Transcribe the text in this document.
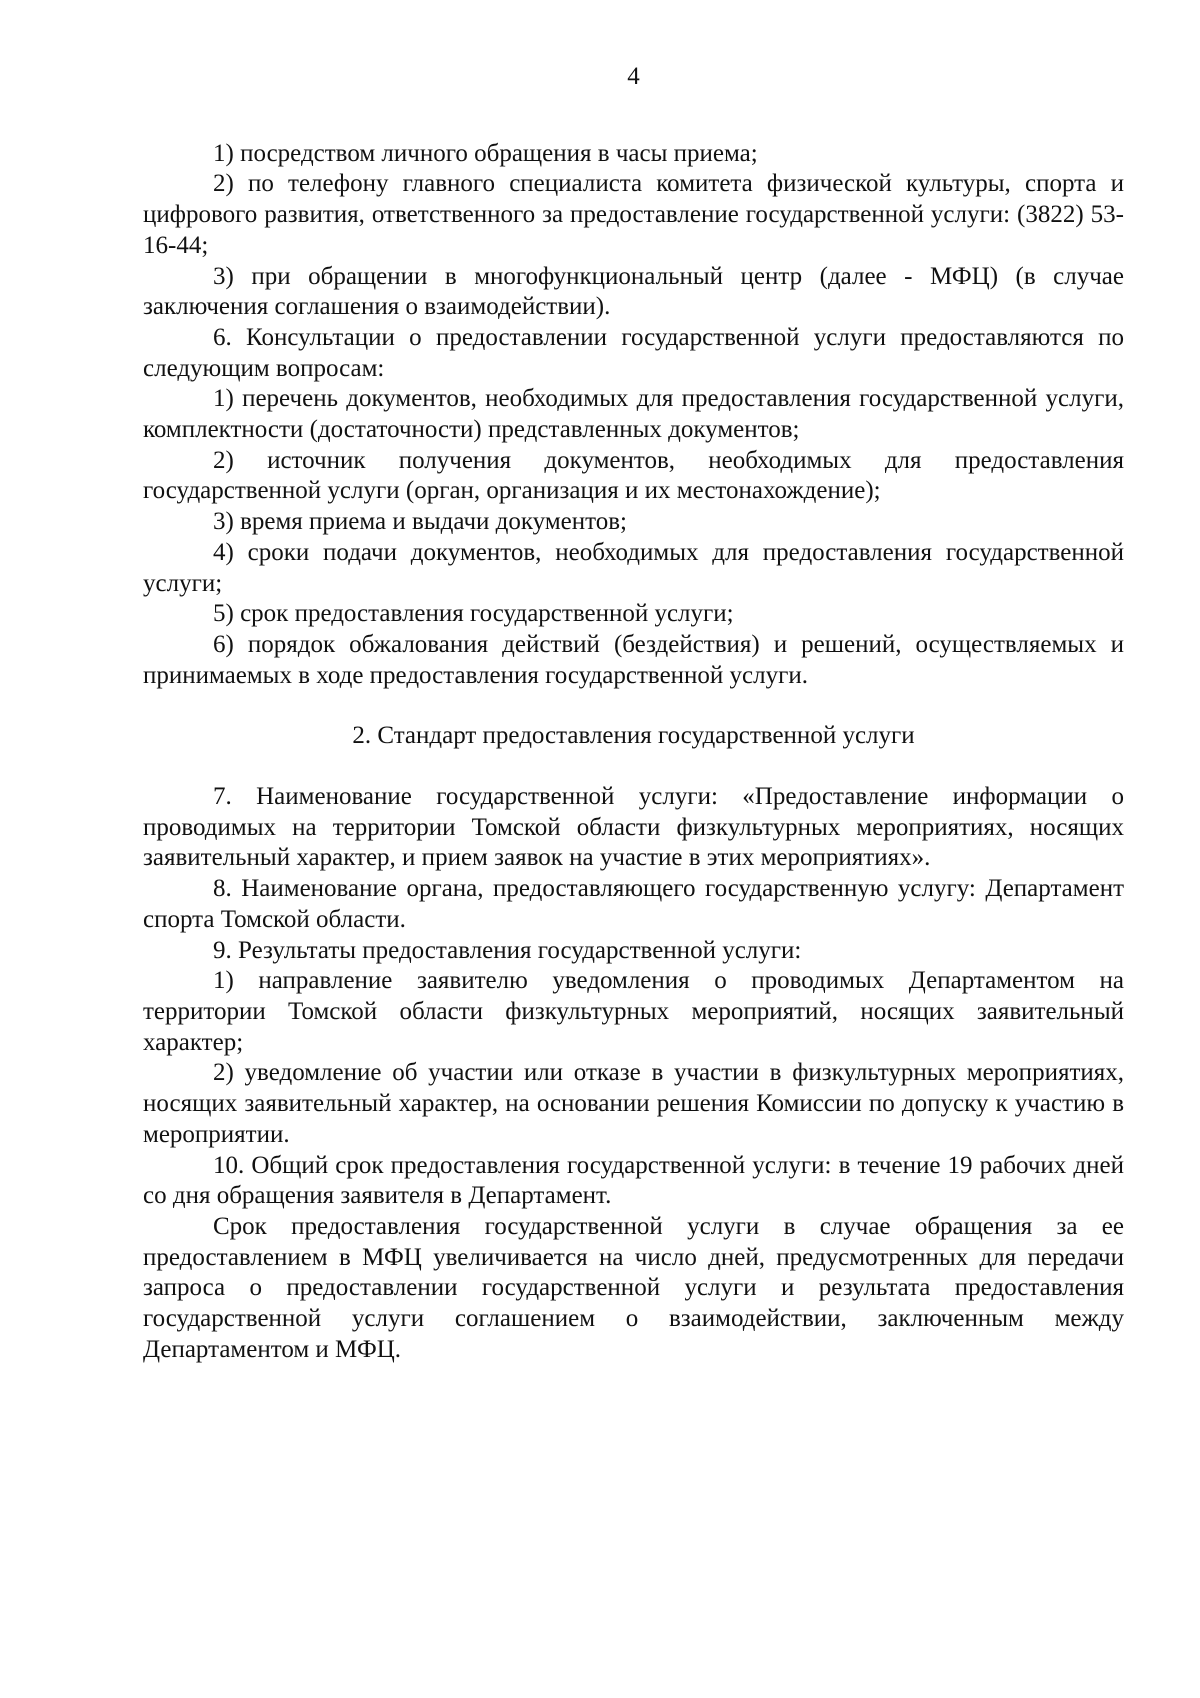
4

1) посредством личного обращения в часы приема;

2) по телефону главного специалиста комитета физической культуры, спорта и цифрового развития, ответственного за предоставление государственной услуги: (3822) 53-16-44;

3) при обращении в многофункциональный центр (далее - МФЦ) (в случае заключения соглашения о взаимодействии).

6. Консультации о предоставлении государственной услуги предоставляются по следующим вопросам:

1) перечень документов, необходимых для предоставления государственной услуги, комплектности (достаточности) представленных документов;

2) источник получения документов, необходимых для предоставления государственной услуги (орган, организация и их местонахождение);

3) время приема и выдачи документов;

4) сроки подачи документов, необходимых для предоставления государственной услуги;

5) срок предоставления государственной услуги;

6) порядок обжалования действий (бездействия) и решений, осуществляемых и принимаемых в ходе предоставления государственной услуги.

2. Стандарт предоставления государственной услуги

7. Наименование государственной услуги: «Предоставление информации о проводимых на территории Томской области физкультурных мероприятиях, носящих заявительный характер, и прием заявок на участие в этих мероприятиях».

8. Наименование органа, предоставляющего государственную услугу: Департамент спорта Томской области.

9. Результаты предоставления государственной услуги:

1) направление заявителю уведомления о проводимых Департаментом на территории Томской области физкультурных мероприятий, носящих заявительный характер;

2) уведомление об участии или отказе в участии в физкультурных мероприятиях, носящих заявительный характер, на основании решения Комиссии по допуску к участию в мероприятии.

10. Общий срок предоставления государственной услуги: в течение 19 рабочих дней со дня обращения заявителя в Департамент.

Срок предоставления государственной услуги в случае обращения за ее предоставлением в МФЦ увеличивается на число дней, предусмотренных для передачи запроса о предоставлении государственной услуги и результата предоставления государственной услуги соглашением о взаимодействии, заключенным между Департаментом и МФЦ.
